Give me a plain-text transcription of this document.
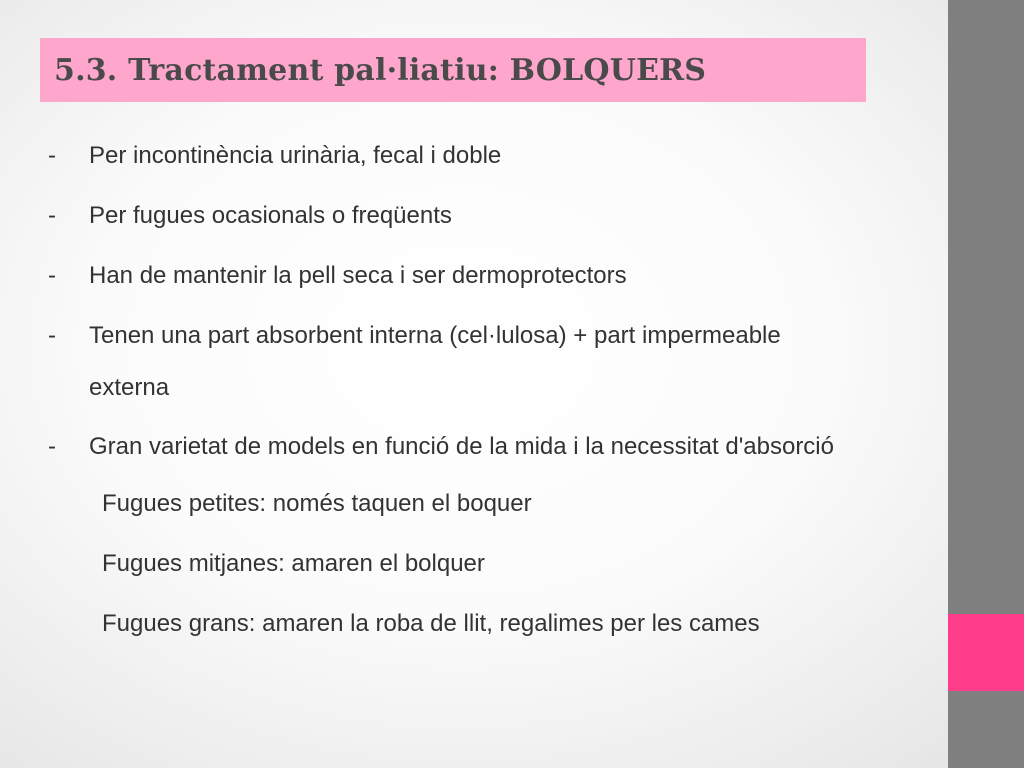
5.3. Tractament pal·liatiu: BOLQUERS
-	Per incontinència urinària, fecal i doble
-	Per fugues ocasionals o freqüents
-	Han de mantenir la pell seca i ser dermoprotectors
-	Tenen una part absorbent interna (cel·lulosa) + part impermeable externa
-	Gran varietat de models en funció de la mida i la necessitat d'absorció
Fugues petites: només taquen el boquer
Fugues mitjanes: amaren el bolquer
Fugues grans: amaren la roba de llit, regalimes per les cames
